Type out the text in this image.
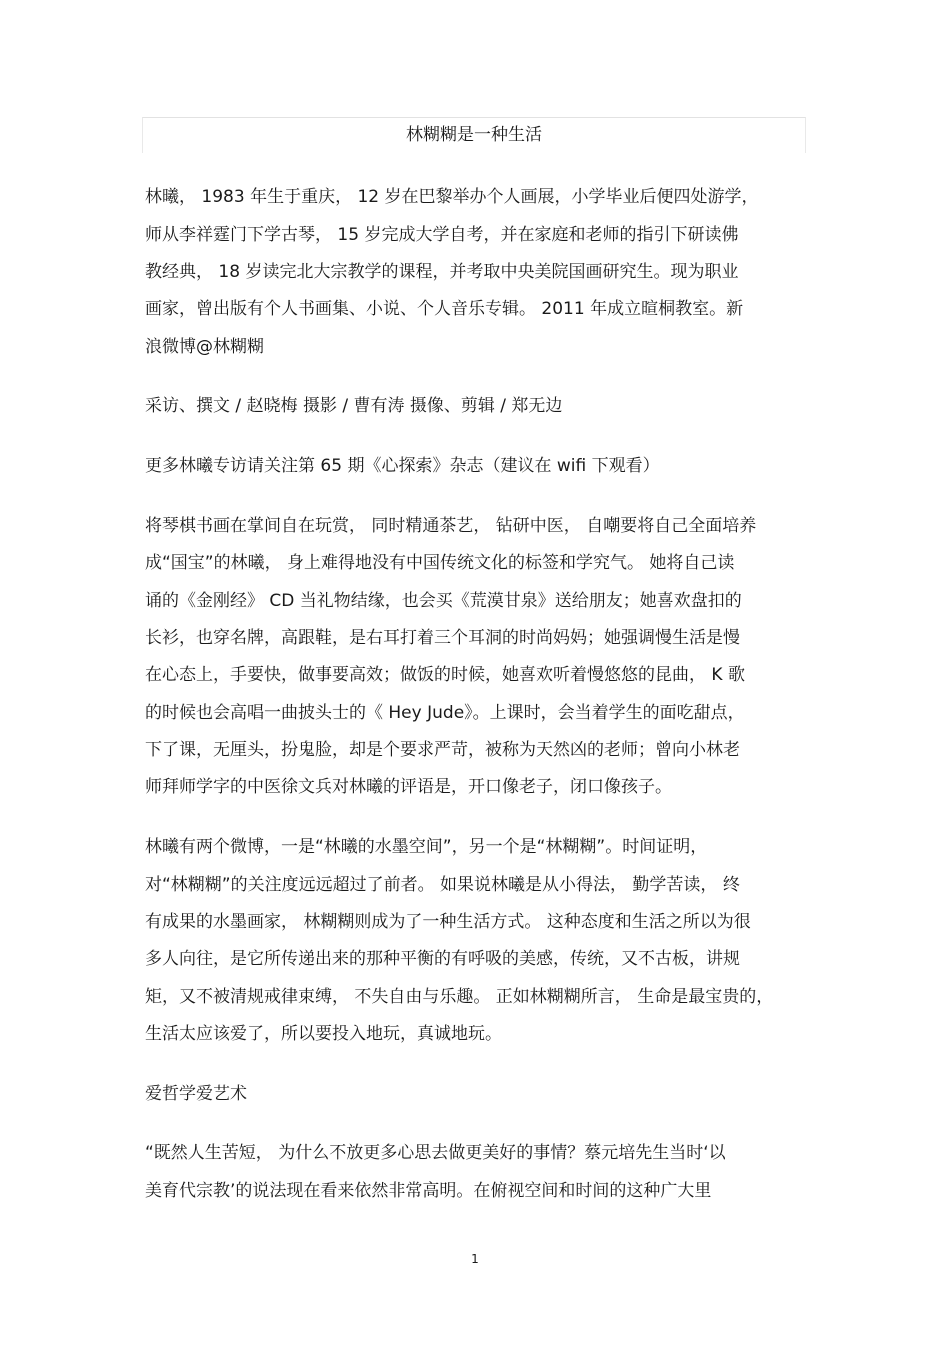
林糊糊是一种生活
林曦， 1983 年生于重庆， 12 岁在巴黎举办个人画展，小学毕业后便四处游学，
师从李祥霆门下学古琴， 15 岁完成大学自考，并在家庭和老师的指引下研读佛
教经典， 18 岁读完北大宗教学的课程，并考取中央美院国画研究生。现为职业
画家，曾出版有个人书画集、小说、个人音乐专辑。 2011 年成立暄桐教室。新
浪微博@林糊糊
采访、撰文 / 赵晓梅 摄影 / 曹有涛 摄像、剪辑 / 郑无边
更多林曦专访请关注第 65 期《心探索》杂志（建议在 wifi 下观看）
将琴棋书画在掌间自在玩赏， 同时精通茶艺， 钻研中医， 自嘲要将自己全面培养
成“国宝”的林曦， 身上难得地没有中国传统文化的标签和学究气。 她将自己读
诵的《金刚经》 CD 当礼物结缘，也会买《荒漠甘泉》送给朋友；她喜欢盘扣的
长衫，也穿名牌，高跟鞋，是右耳打着三个耳洞的时尚妈妈；她强调慢生活是慢
在心态上，手要快，做事要高效；做饭的时候，她喜欢听着慢悠悠的昆曲， K 歌
的时候也会高唱一曲披头士的《 Hey Jude》。上课时，会当着学生的面吃甜点，
下了课，无厘头，扮鬼脸，却是个要求严苛，被称为天然凶的老师；曾向小林老
师拜师学字的中医徐文兵对林曦的评语是，开口像老子，闭口像孩子。
林曦有两个微博，一是“林曦的水墨空间”，另一个是“林糊糊”。时间证明，
对“林糊糊”的关注度远远超过了前者。 如果说林曦是从小得法， 勤学苦读， 终
有成果的水墨画家， 林糊糊则成为了一种生活方式。 这种态度和生活之所以为很
多人向往，是它所传递出来的那种平衡的有呼吸的美感，传统，又不古板，讲规
矩，又不被清规戒律束缚， 不失自由与乐趣。 正如林糊糊所言， 生命是最宝贵的，
生活太应该爱了，所以要投入地玩，真诚地玩。
爱哲学爱艺术
“既然人生苦短， 为什么不放更多心思去做更美好的事情？蔡元培先生当时‘以
美育代宗教’的说法现在看来依然非常高明。在俯视空间和时间的这种广大里
1
